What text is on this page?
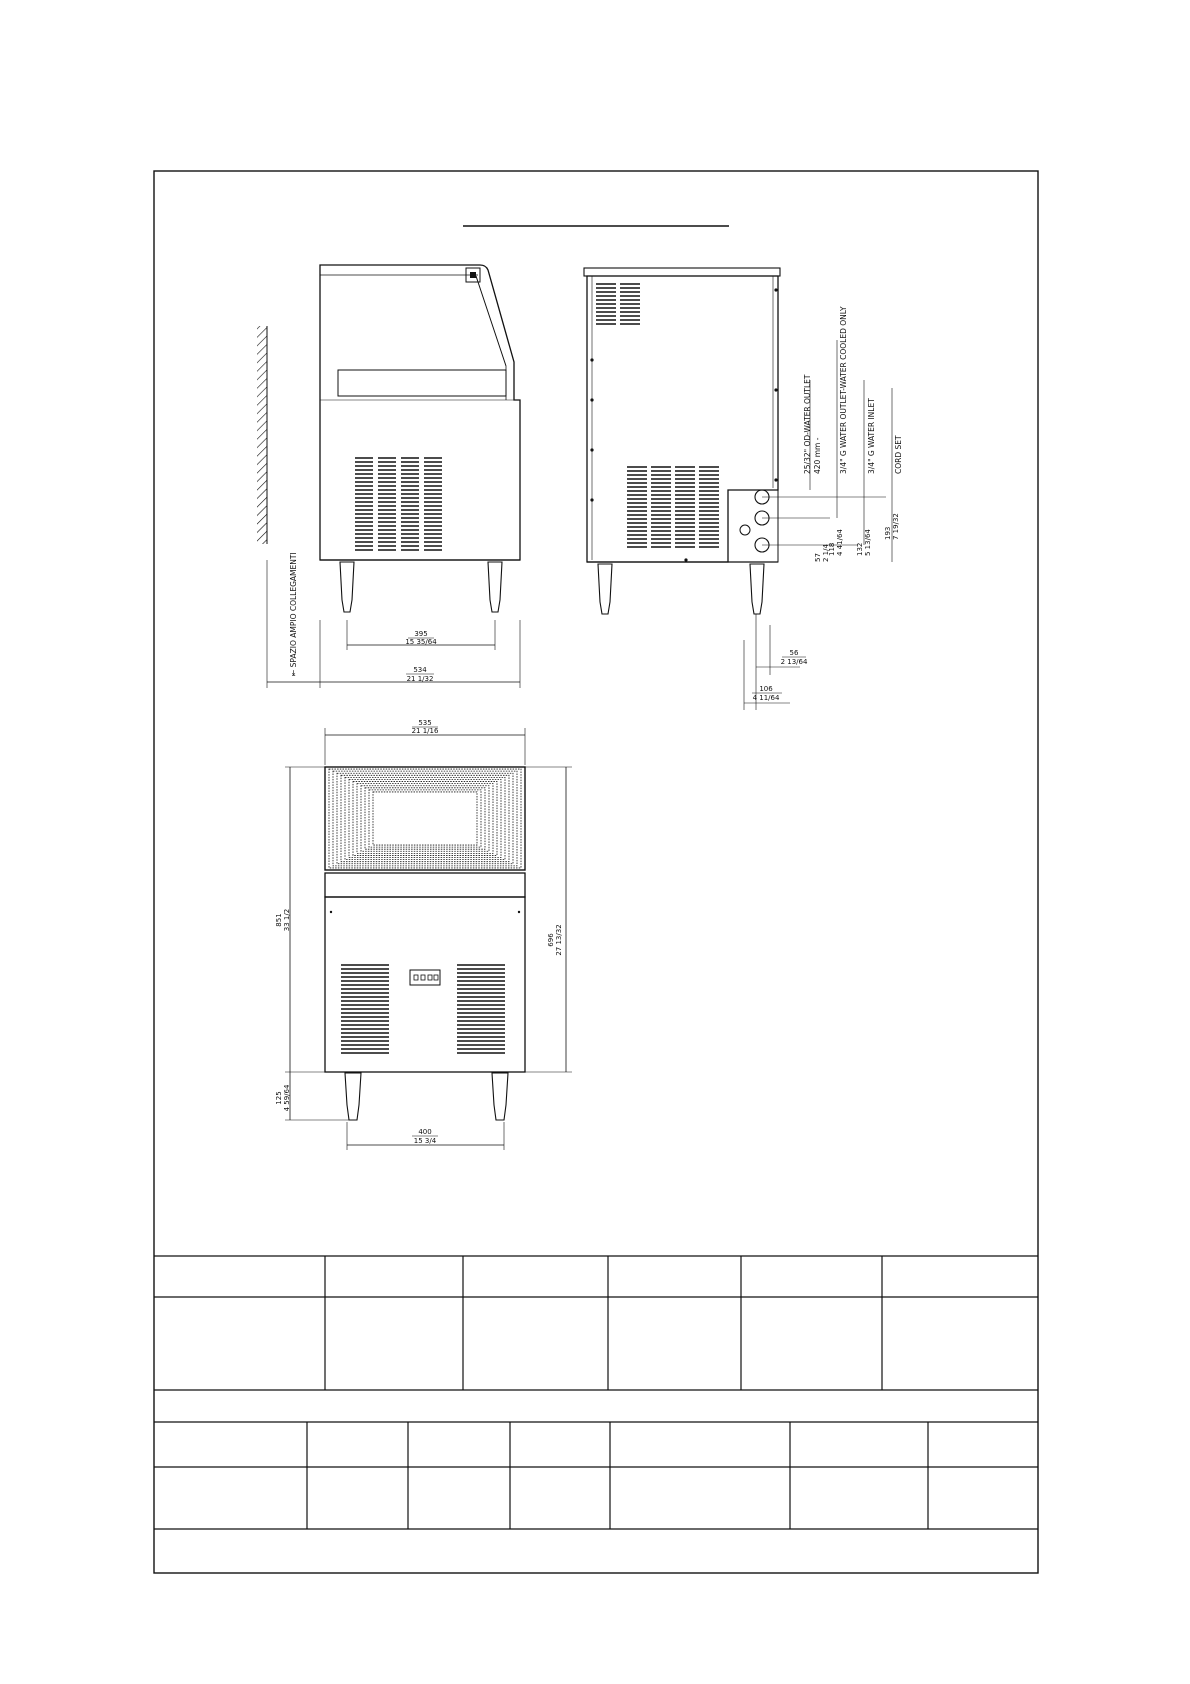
395
15 35/64
534
21 1/32
⇤ SPAZIO AMPIO COLLEGAMENTI
25/32" OD-WATER OUTLET 420 mm - 3/4" G
WATER OUTLET-WATER COOLED ONLY
3/4" G
WATER INLET
CORD SET
57 2 1/4
118 4 41/64 132 5 13/64 193 7 19/32
56
2 13/64
106
4 11/64
535
21 1/16
400
15 3/4
851 33 1/2
125 4 59/64
696 27 13/32
